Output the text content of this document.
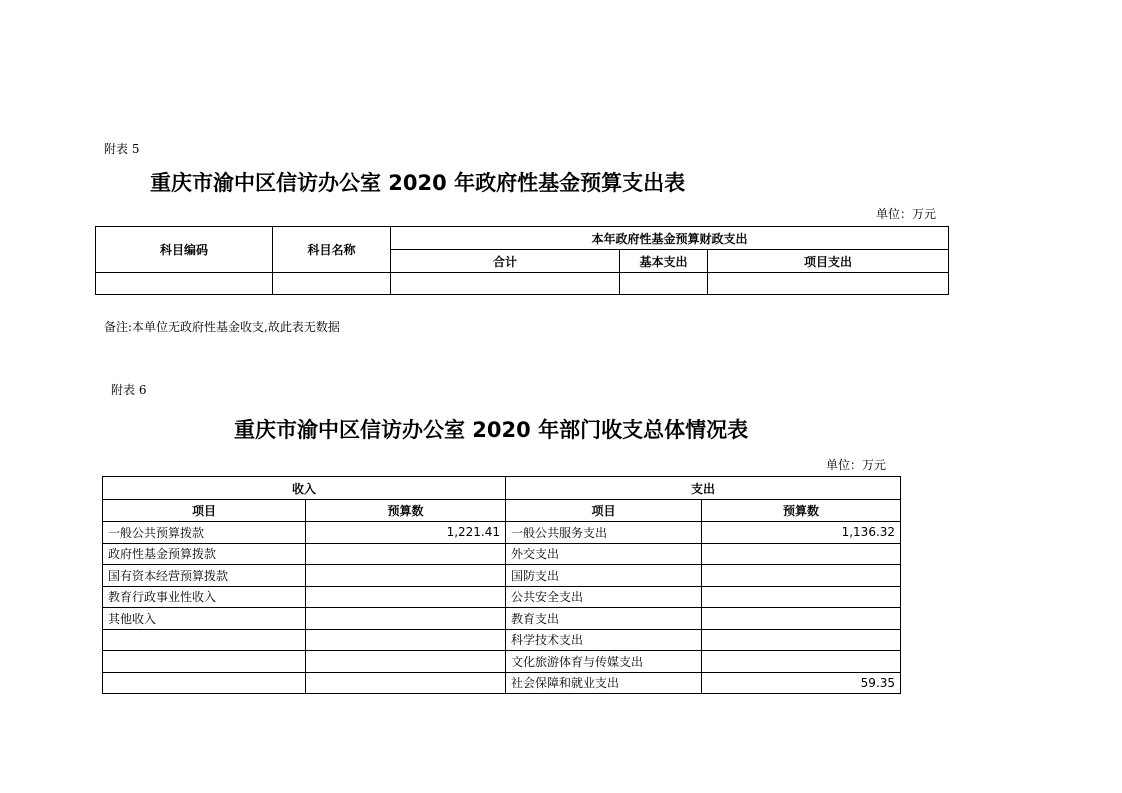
附表 5
重庆市渝中区信访办公室 2020 年政府性基金预算支出表
单位：万元
科目编码	科目名称	本年政府性基金预算财政支出		
		合计	基本支出	项目支出

备注:本单位无政府性基金收支,故此表无数据
附表 6
重庆市渝中区信访办公室 2020 年部门收支总体情况表
单位：万元
收入		支出	
项目	预算数	项目	预算数
一般公共预算拨款	1,221.41	一般公共服务支出	1,136.32
政府性基金预算拨款		外交支出	
国有资本经营预算拨款		国防支出	
教育行政事业性收入		公共安全支出	
其他收入		教育支出	
		科学技术支出	
		文化旅游体育与传媒支出	
		社会保障和就业支出	59.35
